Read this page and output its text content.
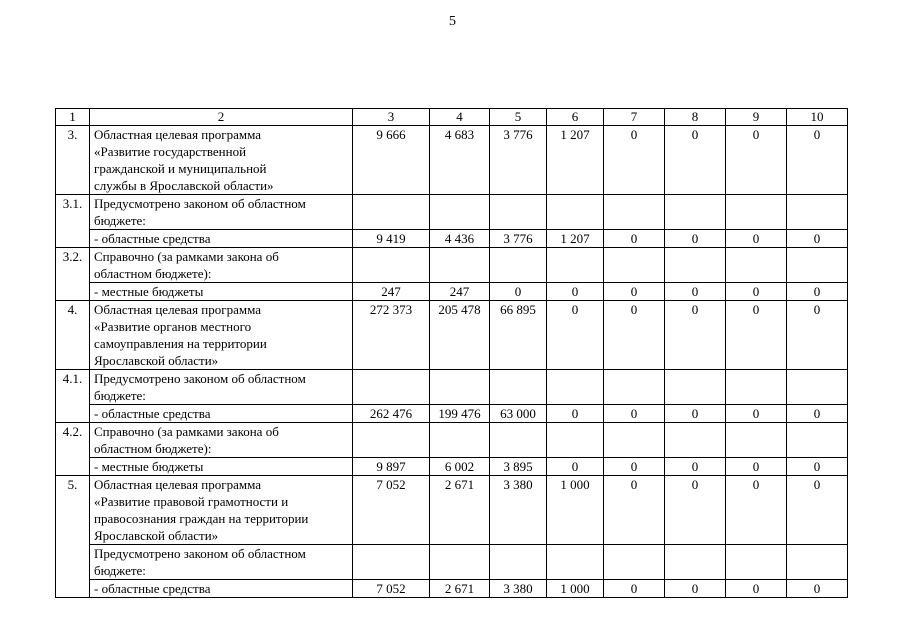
5
1	2	3	4	5	6	7	8	9	10
3.	Областная целевая программа
«Развитие государственной
гражданской и муниципальной
службы в Ярославской области»	9 666	4 683	3 776	1 207	0	0	0	0
3.1.	Предусмотрено законом об областном
бюджете:								
	- областные средства	9 419	4 436	3 776	1 207	0	0	0	0
3.2.	Справочно (за рамками закона об
областном бюджете):								
	- местные бюджеты	247	247	0	0	0	0	0	0
4.	Областная целевая программа
«Развитие органов местного
самоуправления на территории
Ярославской области»	272 373	205 478	66 895	0	0	0	0	0
4.1.	Предусмотрено законом об областном
бюджете:								
	- областные средства	262 476	199 476	63 000	0	0	0	0	0
4.2.	Справочно (за рамками закона об
областном бюджете):								
	- местные бюджеты	9 897	6 002	3 895	0	0	0	0	0
5.	Областная целевая программа
«Развитие правовой грамотности и
правосознания граждан на территории
Ярославской области»	7 052	2 671	3 380	1 000	0	0	0	0
	Предусмотрено законом об областном
бюджете:								
	- областные средства	7 052	2 671	3 380	1 000	0	0	0	0
